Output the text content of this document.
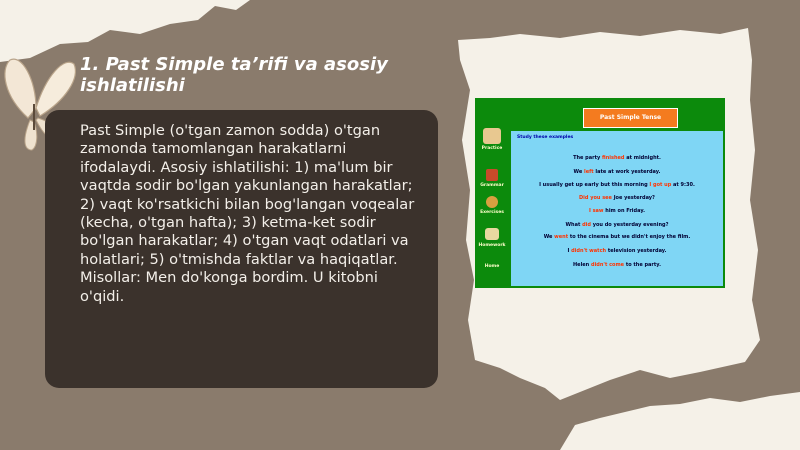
1. Past Simple ta’rifi va asosiy ishlatilishi
Past Simple (o'tgan zamon sodda) o'tgan zamonda tamomlangan harakatlarni ifodalaydi. Asosiy ishlatilishi: 1) ma'lum bir vaqtda sodir bo'lgan yakunlangan harakatlar; 2) vaqt ko'rsatkichi bilan bog'langan voqealar (kecha, o'tgan hafta); 3) ketma-ket sodir bo'lgan harakatlar; 4) o'tgan vaqt odatlari va holatlari; 5) o'tmishda faktlar va haqiqatlar. Misollar: Men do'konga bordim. U kitobni o'qidi.
Practice
Grammar
Exercises
Homework
Home
Past Simple Tense
Study these examples
The party finished at midnight.
We left late at work yesterday.
I usually get up early but this morning I got up at 9:30.
Did you see Joe yesterday?
I saw him on Friday.
What did you do yesterday evening?
We went to the cinema but we didn't enjoy the film.
I didn't watch television yesterday.
Helen didn't come to the party.
